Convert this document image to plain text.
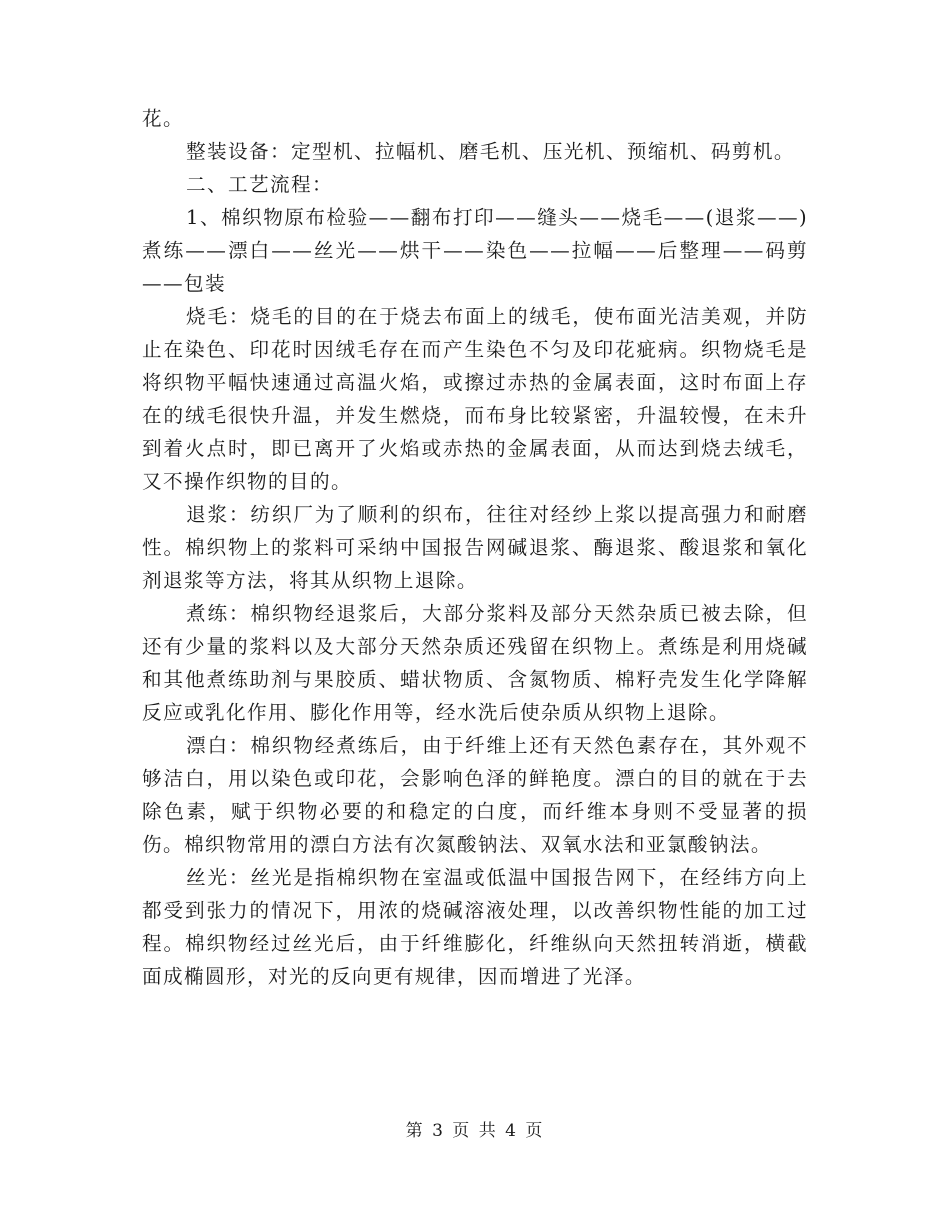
花。

整装设备：定型机、拉幅机、磨毛机、压光机、预缩机、码剪机。

二、工艺流程：

1、棉织物原布检验——翻布打印——缝头——烧毛——(退浆——)煮练——漂白——丝光——烘干——染色——拉幅——后整理——码剪——包装

烧毛：烧毛的目的在于烧去布面上的绒毛，使布面光洁美观，并防止在染色、印花时因绒毛存在而产生染色不匀及印花疵病。织物烧毛是将织物平幅快速通过高温火焰，或擦过赤热的金属表面，这时布面上存在的绒毛很快升温，并发生燃烧，而布身比较紧密，升温较慢，在未升到着火点时，即已离开了火焰或赤热的金属表面，从而达到烧去绒毛，又不操作织物的目的。

退浆：纺织厂为了顺利的织布，往往对经纱上浆以提高强力和耐磨性。棉织物上的浆料可采纳中国报告网碱退浆、酶退浆、酸退浆和氧化剂退浆等方法，将其从织物上退除。

煮练：棉织物经退浆后，大部分浆料及部分天然杂质已被去除，但还有少量的浆料以及大部分天然杂质还残留在织物上。煮练是利用烧碱和其他煮练助剂与果胶质、蜡状物质、含氮物质、棉籽壳发生化学降解反应或乳化作用、膨化作用等，经水洗后使杂质从织物上退除。

漂白：棉织物经煮练后，由于纤维上还有天然色素存在，其外观不够洁白，用以染色或印花，会影响色泽的鲜艳度。漂白的目的就在于去除色素，赋于织物必要的和稳定的白度，而纤维本身则不受显著的损伤。棉织物常用的漂白方法有次氮酸钠法、双氧水法和亚氯酸钠法。

丝光：丝光是指棉织物在室温或低温中国报告网下，在经纬方向上都受到张力的情况下，用浓的烧碱溶液处理，以改善织物性能的加工过程。棉织物经过丝光后，由于纤维膨化，纤维纵向天然扭转消逝，横截面成椭圆形，对光的反向更有规律，因而增进了光泽。

第 3 页 共 4 页
